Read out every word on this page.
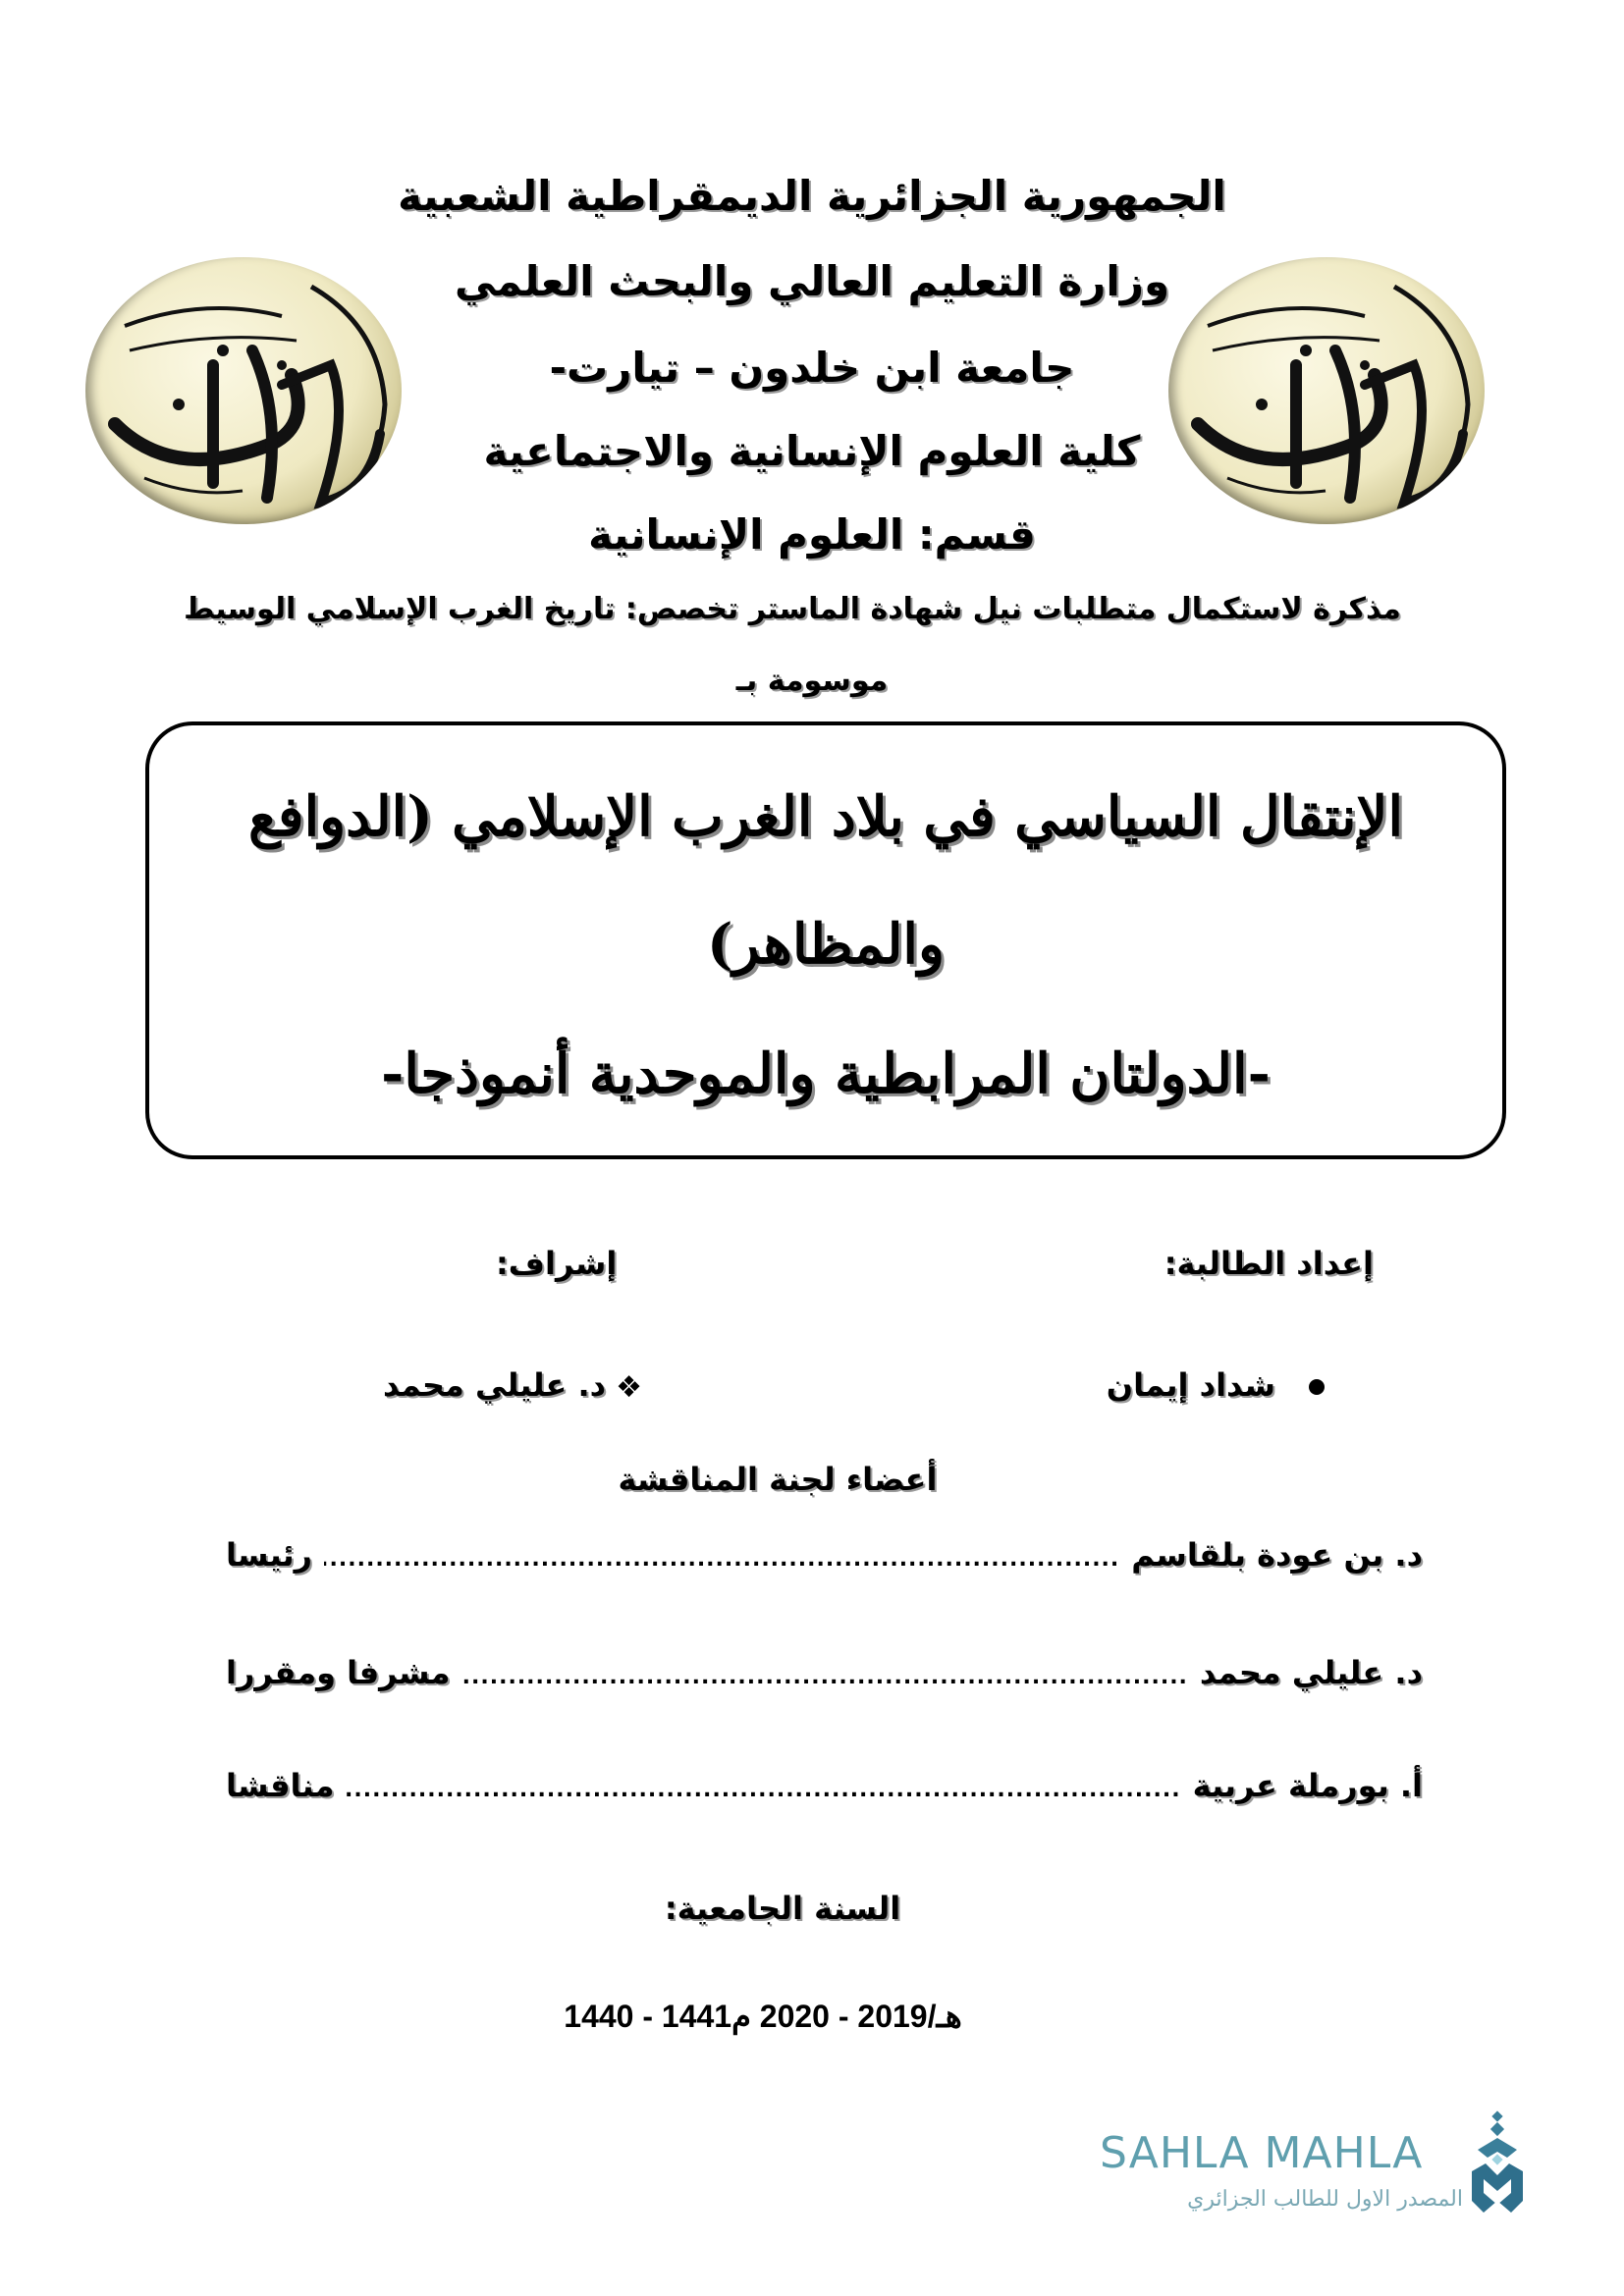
الجمهورية الجزائرية الديمقراطية الشعبية
وزارة التعليم العالي والبحث العلمي
جامعة ابن خلدون – تيارت-
كلية العلوم الإنسانية والاجتماعية
قسم: العلوم الإنسانية
مذكرة لاستكمال متطلبات نيل شهادة الماستر تخصص: تاريخ الغرب الإسلامي الوسيط
موسومة بـ
الإنتقال السياسي في بلاد الغرب الإسلامي (الدوافع
والمظاهر)
-الدولتان المرابطية والموحدية أنموذجا-
إعداد الطالبة:
شداد إيمان
إشراف:
❖د. عليلي محمد
أعضاء لجنة المناقشة
د. بن عودة بلقاسم
.....
رئيسا
د. عليلي محمد
.....
مشرفا ومقررا
أ. بورملة عربية
.....
مناقشا
السنة الجامعية:
1440 - 1441هـ/2019 - 2020 م
SAHLA MAHLA
المصدر الاول للطالب الجزائري
